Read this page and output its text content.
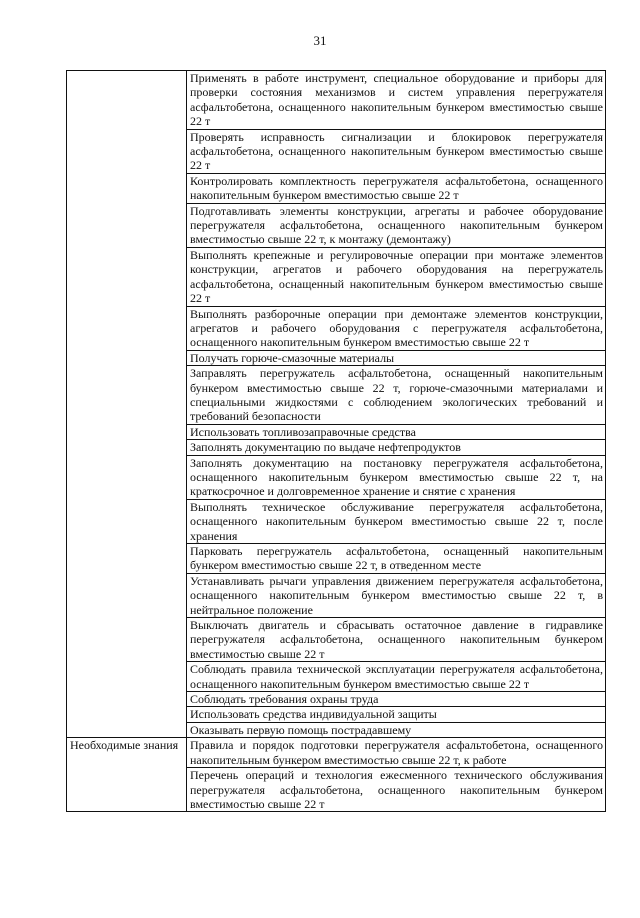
31
	Применять в работе инструмент, специальное оборудование и приборы для проверки состояния механизмов и систем управления перегружателя асфальтобетона, оснащенного накопительным бункером вместимостью свыше 22 т
	Проверять исправность сигнализации и блокировок перегружателя асфальтобетона, оснащенного накопительным бункером вместимостью свыше 22 т
	Контролировать комплектность перегружателя асфальтобетона, оснащенного накопительным бункером вместимостью свыше 22 т
	Подготавливать элементы конструкции, агрегаты и рабочее оборудование перегружателя асфальтобетона, оснащенного накопительным бункером вместимостью свыше 22 т, к монтажу (демонтажу)
	Выполнять крепежные и регулировочные операции при монтаже элементов конструкции, агрегатов и рабочего оборудования на перегружатель асфальтобетона, оснащенный накопительным бункером вместимостью свыше 22 т
	Выполнять разборочные операции при демонтаже элементов конструкции, агрегатов и рабочего оборудования с перегружателя асфальтобетона, оснащенного накопительным бункером вместимостью свыше 22 т
	Получать горюче-смазочные материалы
	Заправлять перегружатель асфальтобетона, оснащенный накопительным бункером вместимостью свыше 22 т, горюче-смазочными материалами и специальными жидкостями с соблюдением экологических требований и требований безопасности
	Использовать топливозаправочные средства
	Заполнять документацию по выдаче нефтепродуктов
	Заполнять документацию на постановку перегружателя асфальтобетона, оснащенного накопительным бункером вместимостью свыше 22 т, на краткосрочное и долговременное хранение и снятие с хранения
	Выполнять техническое обслуживание перегружателя асфальтобетона, оснащенного накопительным бункером вместимостью свыше 22 т, после хранения
	Парковать перегружатель асфальтобетона, оснащенный накопительным бункером вместимостью свыше 22 т, в отведенном месте
	Устанавливать рычаги управления движением перегружателя асфальтобетона, оснащенного накопительным бункером вместимостью свыше 22 т, в нейтральное положение
	Выключать двигатель и сбрасывать остаточное давление в гидравлике перегружателя асфальтобетона, оснащенного накопительным бункером вместимостью свыше 22 т
	Соблюдать правила технической эксплуатации перегружателя асфальтобетона, оснащенного накопительным бункером вместимостью свыше 22 т
	Соблюдать требования охраны труда
	Использовать средства индивидуальной защиты
	Оказывать первую помощь пострадавшему
Необходимые знания	Правила и порядок подготовки перегружателя асфальтобетона, оснащенного накопительным бункером вместимостью свыше 22 т, к работе
	Перечень операций и технология ежесменного технического обслуживания перегружателя асфальтобетона, оснащенного накопительным бункером вместимостью свыше 22 т
